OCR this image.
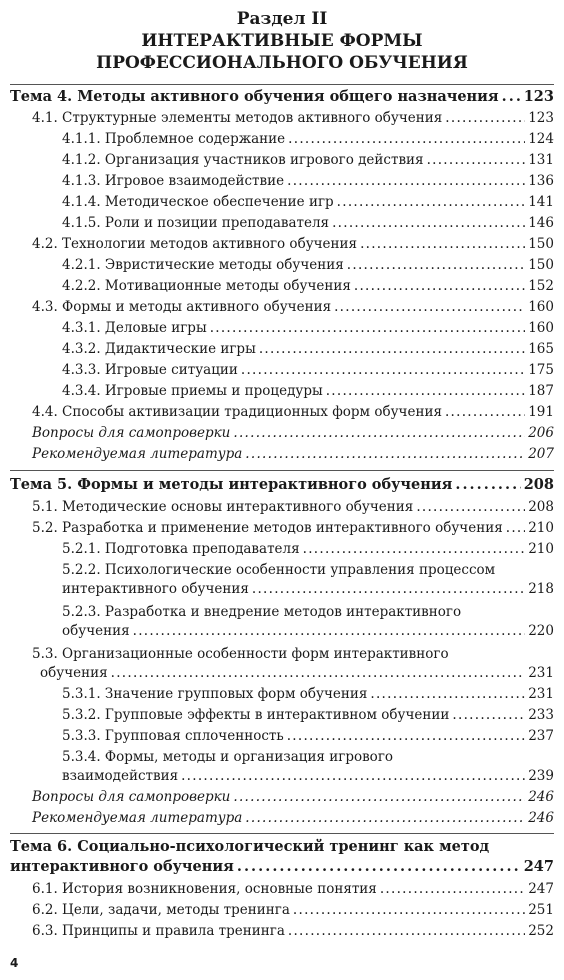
Раздел II
ИНТЕРАКТИВНЫЕ ФОРМЫ
ПРОФЕССИОНАЛЬНОГО ОБУЧЕНИЯ
Тема 4. Методы активного обучения общего назначения . . . 123
4.1. Структурные элементы методов активного обучения . . .	123
4.1.1. Проблемное содержание . . .	124
4.1.2. Организация участников игрового действия . . .	131
4.1.3. Игровое взаимодействие . . .	136
4.1.4. Методическое обеспечение игр . . .	141
4.1.5. Роли и позиции преподавателя . . .	146
4.2. Технологии методов активного обучения . . .	150
4.2.1. Эвристические методы обучения . . .	150
4.2.2. Мотивационные методы обучения . . .	152
4.3. Формы и методы активного обучения . . .	160
4.3.1. Деловые игры . . .	160
4.3.2. Дидактические игры . . .	165
4.3.3. Игровые ситуации . . .	175
4.3.4. Игровые приемы и процедуры . . .	187
4.4. Способы активизации традиционных форм обучения . . .	191
Вопросы для самопроверки . . .	206
Рекомендуемая литература . . .	207
Тема 5. Формы и методы интерактивного обучения . . .	208
5.1. Методические основы интерактивного обучения . . .	208
5.2. Разработка и применение методов интерактивного обучения . . . 210
5.2.1. Подготовка преподавателя . . .	210
5.2.2. Психологические особенности управления процессом
интерактивного обучения . . .	218
5.2.3. Разработка и внедрение методов интерактивного
обучения . . .	220
5.3. Организационные особенности форм интерактивного
обучения . . .	231
5.3.1. Значение групповых форм обучения . . .	231
5.3.2. Групповые эффекты в интерактивном обучении . . .	233
5.3.3. Групповая сплоченность . . .	237
5.3.4. Формы, методы и организация игрового
взаимодействия . . .	239
Вопросы для самопроверки . . .	246
Рекомендуемая литература . . .	246
Тема 6. Социально-психологический тренинг как метод
интерактивного обучения . . .	247
6.1. История возникновения, основные понятия . . .	247
6.2. Цели, задачи, методы тренинга . . .	251
6.3. Принципы и правила тренинга . . .	252
4
